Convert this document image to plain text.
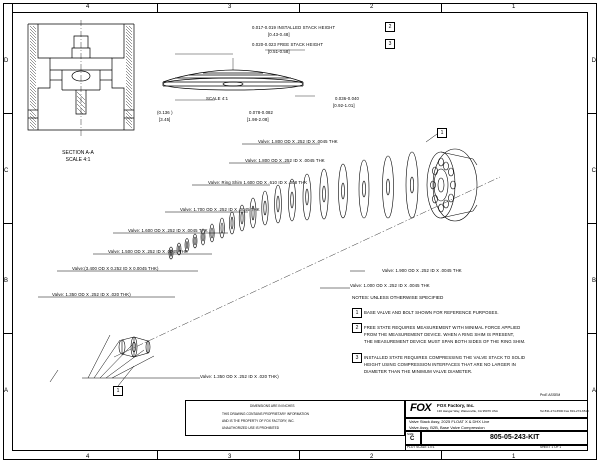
4	3	2	1
4	3	2	1
D
C
B
A
D
C
B
A
SECTION A-A
SCALE 4:1
0.017-0.019 INSTALLED STACK HEIGHT
[0.43-0.48]
2
0.020-0.023 FREE STACK HEIGHT
[0.51-0.58]
3
SCALE 4:1
(0.136 )
[3.45]
0.078-0.082
[1.98-2.08]
0.036-0.040
[0.92-1.01]
Valve: 1.800 OD X .252 ID X .0045 THK
Valve: 1.800 OD X .252 ID X .0045 THK
Valve: Ring Shim 1.600 OD X .610 ID X .008 THK
Valve: 1.700 OD X .252 ID X .0045 THK
Valve: 1.600 OD X .252 ID X .0045 THK
Valve: 1.500 OD X .252 ID X .0045 THK
Valve:(3.400 OD X 0.252 ID X 0.0045 THK)
Valve: 1.350 OD X .252 ID X .020 THK)
Valve: 1.900 OD X .252 ID X .0045 THK
Valve: 1.000 OD X .252 ID X .0045 THK
Valve: 1.350 OD X .252 ID X .020 THK)
1
1
NOTES: UNLESS OTHERWISE SPECIFIED
1	BASE VALVE AND BOLT SHOWN FOR REFERENCE PURPOSES.
2	FREE STATE REQUIRES MEASUREMENT WITH MINIMAL FORCE APPLIED
FROM THE MEASUREMENT DEVICE. WHEN A RING SHIM IS PRESENT,
THE MEASUREMENT DEVICE MUST SPAN BOTH SIDES OF THE RING SHIM.
3	INSTALLED STATE REQUIRES COMPRESSING THE VALVE STACK TO SOLID
HEIGHT USING COMPRESSION INTERFACES THAT ARE NO LARGER IN
DIAMETER THAN THE MINIMUM VALVE DIAMETER.
DIMENSIONS ARE IN INCHES
THIS DRAWING CONTAINS PROPRIETARY INFORMATION
AND IS THE PROPERTY OF FOX FACTORY, INC.
UNAUTHORIZED USE IS PROHIBITED
FOX FOX Factory, Inc.
130 Hangar Way, Watsonville, CA 95076 USA	Tel 831-274-6500 Fax 831-274-6510
Valve Stack Assy, 2025 FLOAT X & DHX Live
Valve Assy, B2B, Base Valve Compression
SIZE
C	805-05-243-KIT
PLOT SCALE 1.0:1	SHEET 1 OF 1
ProE ASSEM
